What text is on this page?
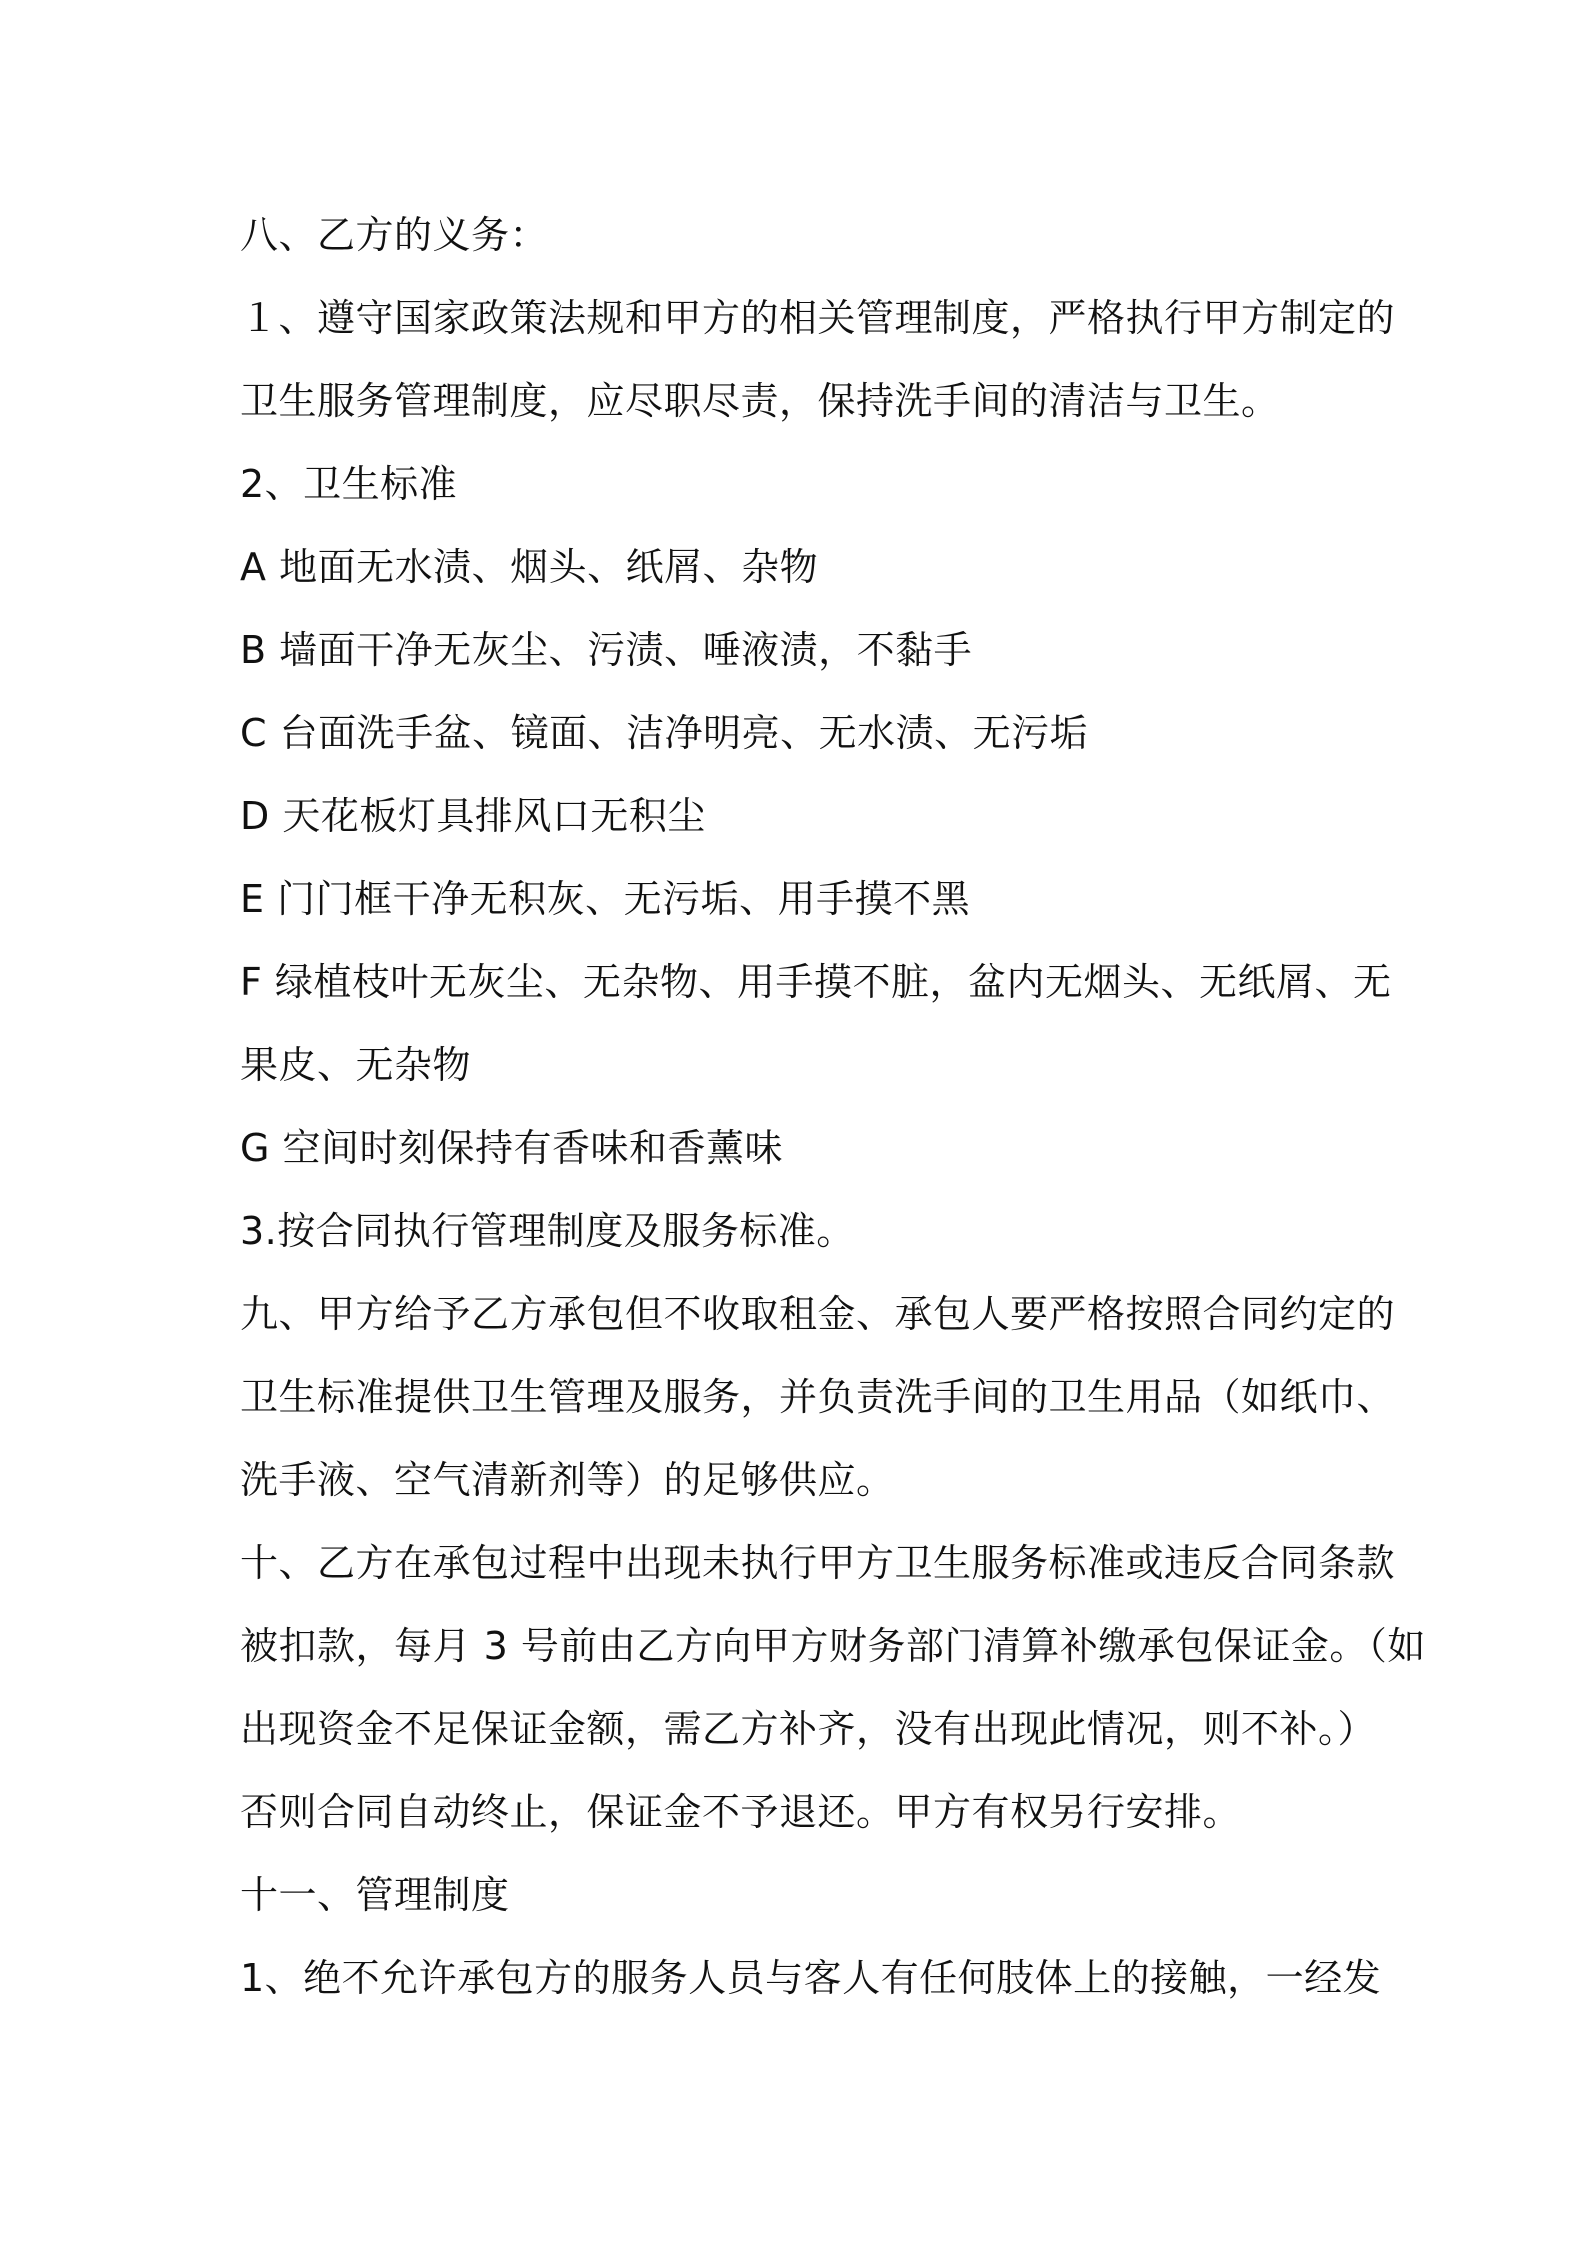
八、乙方的义务：
１、遵守国家政策法规和甲方的相关管理制度，严格执行甲方制定的
卫生服务管理制度，应尽职尽责，保持洗手间的清洁与卫生。
2、卫生标准
A 地面无水渍、烟头、纸屑、杂物
B 墙面干净无灰尘、污渍、唾液渍，不黏手
C 台面洗手盆、镜面、洁净明亮、无水渍、无污垢
D 天花板灯具排风口无积尘
E 门门框干净无积灰、无污垢、用手摸不黑
F 绿植枝叶无灰尘、无杂物、用手摸不脏，盆内无烟头、无纸屑、无
果皮、无杂物
G 空间时刻保持有香味和香薰味
3.按合同执行管理制度及服务标准。
九、甲方给予乙方承包但不收取租金、承包人要严格按照合同约定的
卫生标准提供卫生管理及服务，并负责洗手间的卫生用品（如纸巾、
洗手液、空气清新剂等）的足够供应。
十、乙方在承包过程中出现未执行甲方卫生服务标准或违反合同条款
被扣款，每月 3 号前由乙方向甲方财务部门清算补缴承包保证金。（如
出现资金不足保证金额，需乙方补齐，没有出现此情况，则不补。）
否则合同自动终止，保证金不予退还。甲方有权另行安排。
十一、管理制度
1、绝不允许承包方的服务人员与客人有任何肢体上的接触，一经发
